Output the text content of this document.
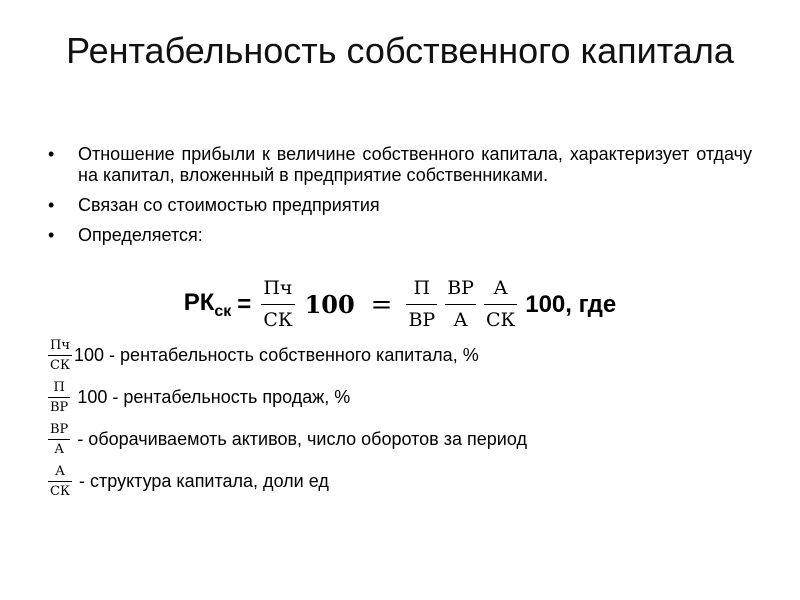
Рентабельность собственного капитала
• Отношение прибыли к величине собственного капитала, характеризует отдачу на капитал, вложенный в предприятие собственниками.
• Связан со стоимостью предприятия
• Определяется:
$РК_{ск} = \frac{Пч}{СК}$ 𝟏𝟎𝟎 = $\frac{П}{ВР} \frac{ВР}{А} \frac{А}{СК} 100$, где
$\frac{Пч}{СК} 100$ - рентабельность собственного капитала, %
$\frac{П}{ВР} 100$ - рентабельность продаж, %
$\frac{ВР}{А}$ - оборачиваемоть активов, число оборотов за период
$\frac{А}{СК}$ - структура капитала, доли ед
